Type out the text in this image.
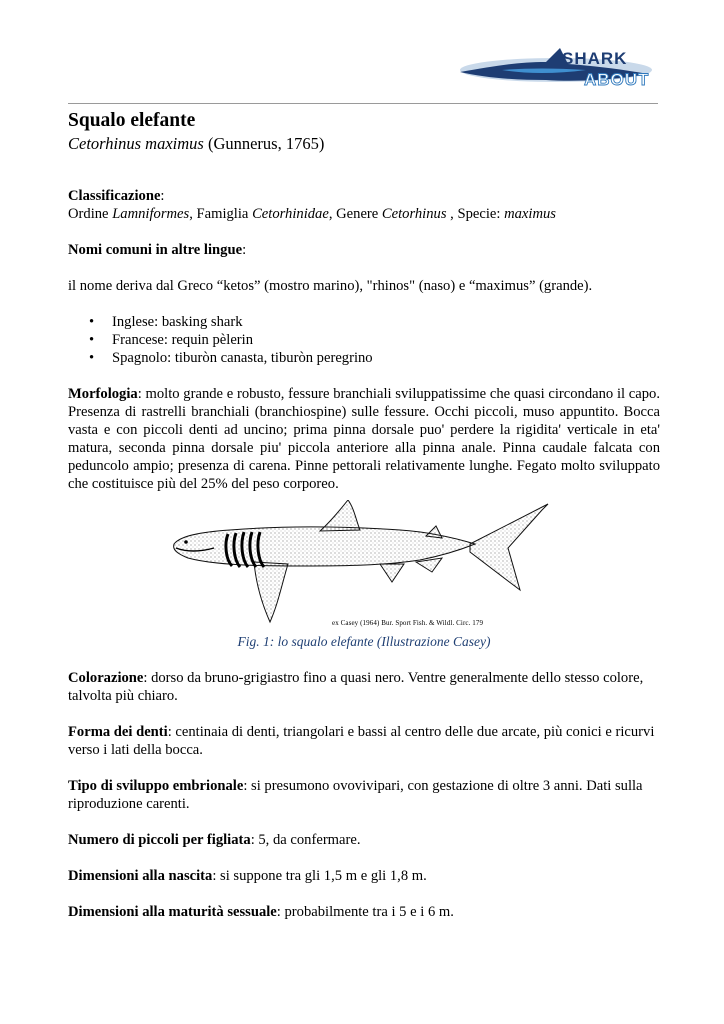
SHARK
ABOUT

Squalo elefante

Cetorhinus maximus (Gunnerus, 1765)

Classificazione:

Ordine Lamniformes, Famiglia Cetorhinidae, Genere Cetorhinus , Specie: maximus

Nomi comuni in altre lingue:

il nome deriva dal Greco “ketos” (mostro marino), "rhinos" (naso) e “maximus” (grande).

• Inglese: basking shark
• Francese: requin pèlerin
• Spagnolo: tiburòn canasta, tiburòn peregrino

Morfologia: molto grande e robusto, fessure branchiali sviluppatissime che quasi circondano il capo. Presenza di rastrelli branchiali (branchiospine) sulle fessure. Occhi piccoli, muso appuntito. Bocca vasta e con piccoli denti ad uncino; prima pinna dorsale puo' perdere la rigidita' verticale in eta' matura, seconda pinna dorsale piu' piccola anteriore alla pinna anale. Pinna caudale falcata con peduncolo ampio; presenza di carena. Pinne pettorali relativamente lunghe. Fegato molto sviluppato che costituisce più del 25% del peso corporeo.

ex Casey (1964) Bur. Sport Fish. & Wildl. Circ. 179

Fig. 1: lo squalo elefante (Illustrazione Casey)

Colorazione: dorso da bruno-grigiastro fino a quasi nero. Ventre generalmente dello stesso colore, talvolta più chiaro.

Forma dei denti: centinaia di denti, triangolari e bassi al centro delle due arcate, più conici e ricurvi verso i lati della bocca.

Tipo di sviluppo embrionale: si presumono ovovivipari, con gestazione di oltre 3 anni. Dati sulla riproduzione carenti.

Numero di piccoli per figliata: 5, da confermare.

Dimensioni alla nascita: si suppone tra gli 1,5 m e gli 1,8 m.

Dimensioni alla maturità sessuale: probabilmente tra i 5 e i 6 m.
